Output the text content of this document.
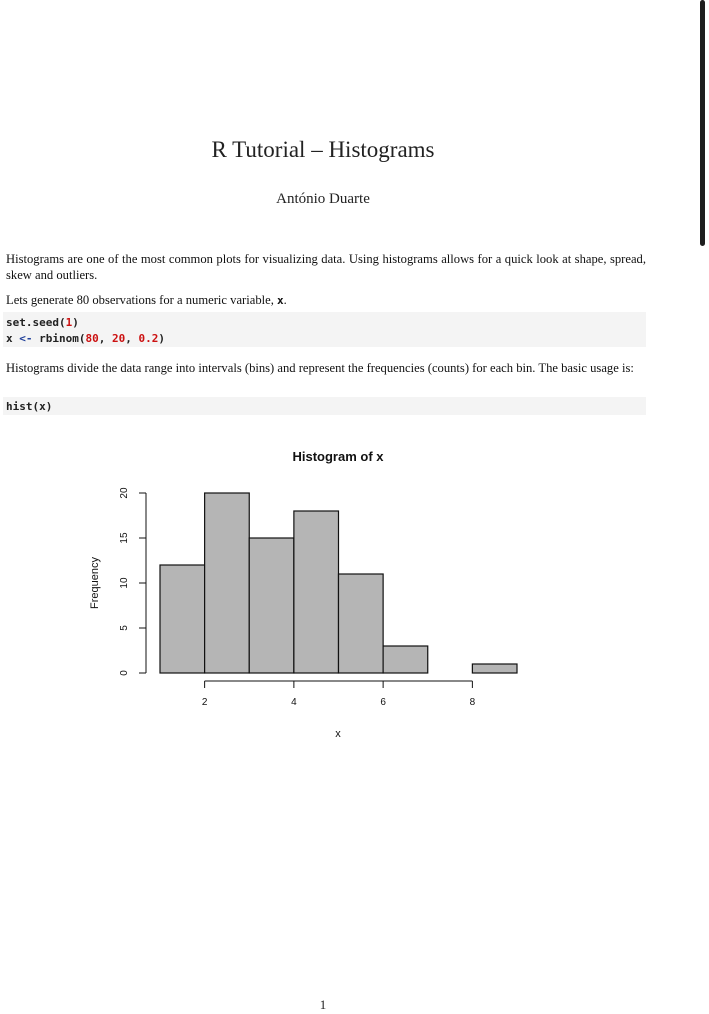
R Tutorial – Histograms
António Duarte
Histograms are one of the most common plots for visualizing data. Using histograms allows for a quick look at shape, spread, skew and outliers.
Lets generate 80 observations for a numeric variable, x.
set.seed(1)
x <- rbinom(80, 20, 0.2)
Histograms divide the data range into intervals (bins) and represent the frequencies (counts) for each bin. The basic usage is:
hist(x)
Histogram of x
0
5
10
15
20
2	4	6	8
Frequency
x
1
